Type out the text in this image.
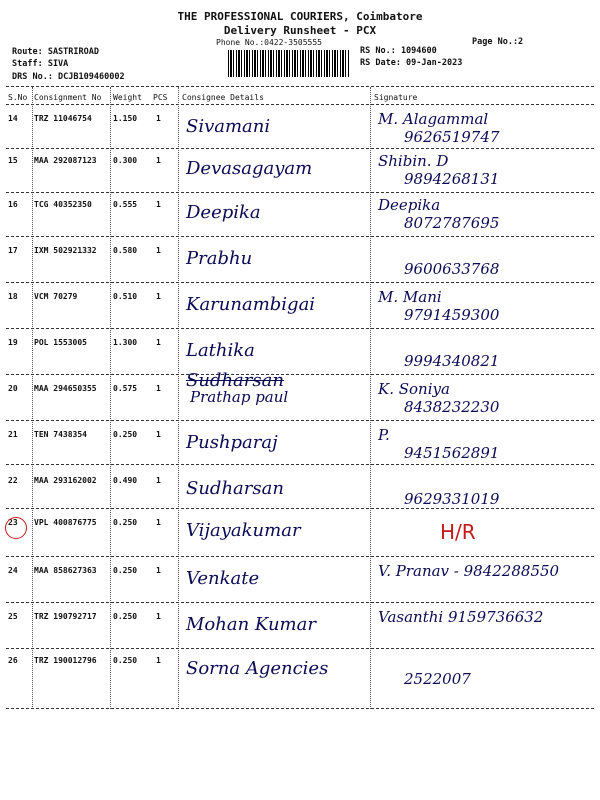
THE PROFESSIONAL COURIERS, Coimbatore
Delivery Runsheet - PCX
Phone No.:0422-3505555	Page No.:2
Route: SASTRIROAD
Staff: SIVA
DRS No.: DCJB109460002
RS No.: 1094600
RS Date: 09-Jan-2023
S.No Consignment No Weight PCS Consignee Details	Signature
14 TRZ 11046754	1.150 1 Sivamani	M. Alagammal
9626519747
15 MAA 292087123 0.300 1 Devasagayam	Shibin. D
9894268131
16 TCG 40352350	0.555 1 Deepika	Deepika
8072787695
17 IXM 502921332 0.580 1 Prabhu	9600633768
18 VCM 70279	0.510 1 Karunambigai	M. Mani
9791459300
19 POL 1553005	1.300 1 Lathika	9994340821
20 MAA 294650355 0.575 1 Sudharsan
Prathap paul	K. Soniya
8438232230
21 TEN 7438354	0.250 1 Pushparaj	P.
9451562891
22 MAA 293162002 0.490 1 Sudharsan	9629331019
23 VPL 400876775 0.250 1 Vijayakumar	H/R
24 MAA 858627363 0.250 1 Venkate	V. Pranav - 9842288550
25 TRZ 190792717 0.250 1 Mohan Kumar	Vasanthi 9159736632
26 TRZ 190012796 0.250 1 Sorna Agencies	2522007
